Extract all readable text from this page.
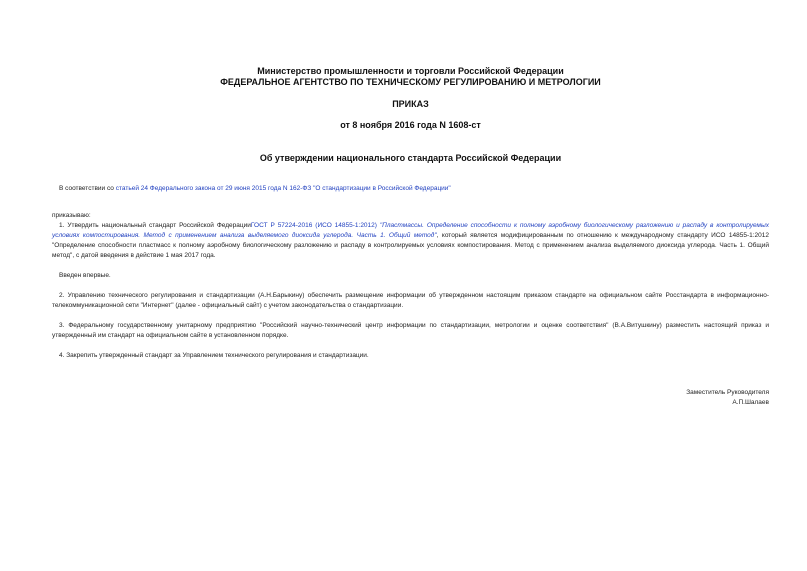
Министерство промышленности и торговли Российской Федерации
ФЕДЕРАЛЬНОЕ АГЕНТСТВО ПО ТЕХНИЧЕСКОМУ РЕГУЛИРОВАНИЮ И МЕТРОЛОГИИ
ПРИКАЗ
от 8 ноября 2016 года N 1608-ст
Об утверждении национального стандарта Российской Федерации
В соответствии со статьей 24 Федерального закона от 29 июня 2015 года N 162-ФЗ "О стандартизации в Российской Федерации"
приказываю:
1. Утвердить национальный стандарт Российской ФедерацииГОСТ Р 57224-2016 (ИСО 14855-1:2012) "Пластмассы. Определение способности к полному аэробному биологическому разложению и распаду в контролируемых условиях компостирования. Метод с применением анализа выделяемого диоксида углерода. Часть 1. Общий метод", который является модифицированным по отношению к международному стандарту ИСО 14855-1:2012 "Определение способности пластмасс к полному аэробному биологическому разложению и распаду в контролируемых условиях компостирования. Метод с применением анализа выделяемого диоксида углерода. Часть 1. Общий метод", с датой введения в действие 1 мая 2017 года.
Введен впервые.
2. Управлению технического регулирования и стандартизации (А.Н.Барыкину) обеспечить размещение информации об утвержденном настоящим приказом стандарте на официальном сайте Росстандарта в информационно-телекоммуникационной сети "Интернет" (далее - официальный сайт) с учетом законодательства о стандартизации.
3. Федеральному государственному унитарному предприятию "Российский научно-технический центр информации по стандартизации, метрологии и оценке соответствия" (В.А.Витушкину) разместить настоящий приказ и утвержденный им стандарт на официальном сайте в установленном порядке.
4. Закрепить утвержденный стандарт за Управлением технического регулирования и стандартизации.
Заместитель Руководителя
А.П.Шалаев
